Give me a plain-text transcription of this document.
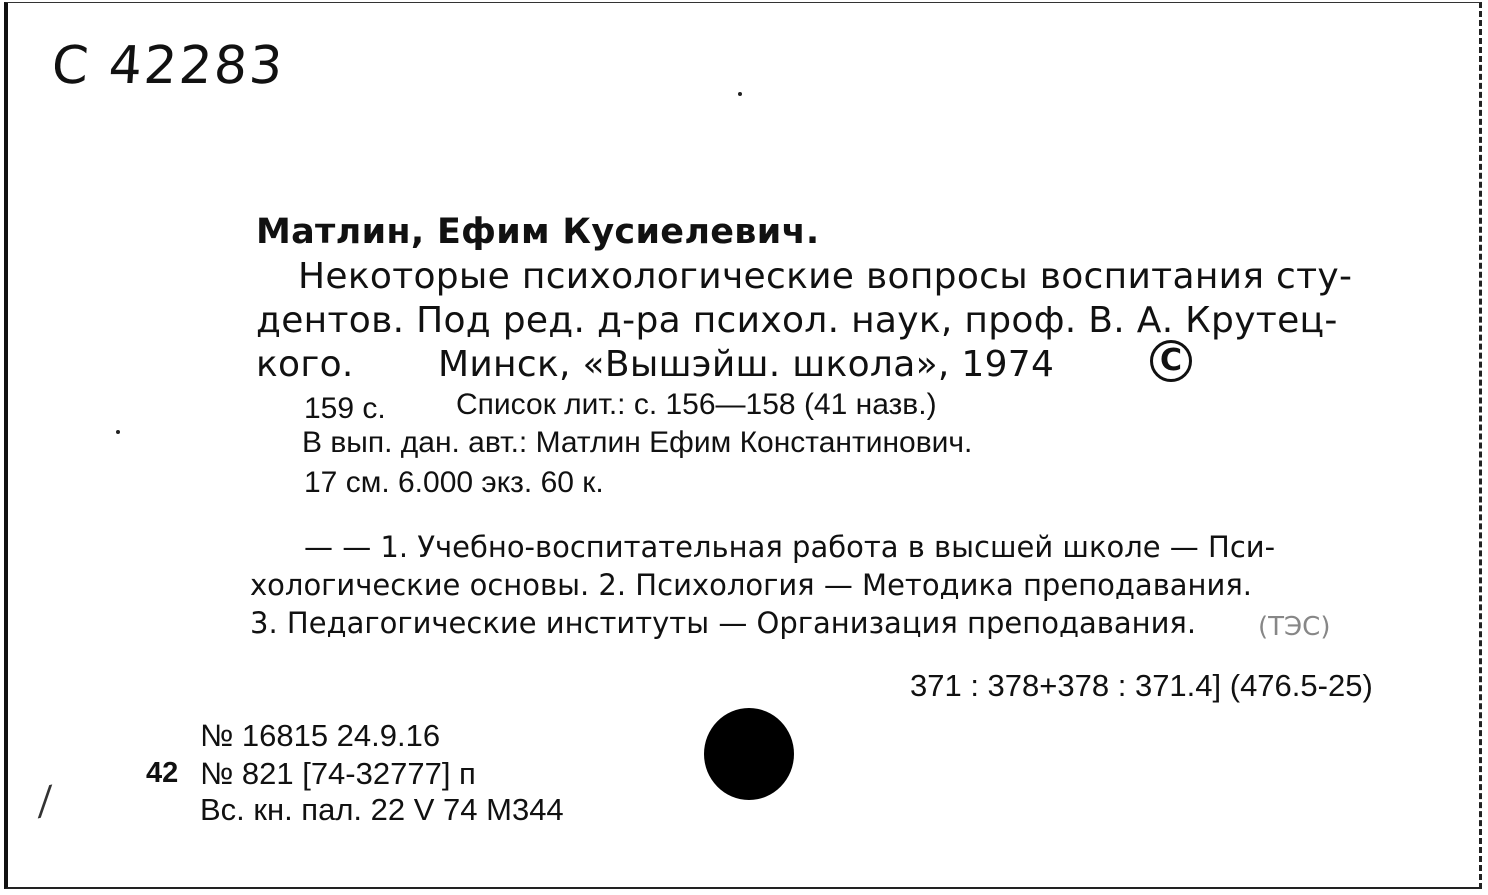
С 42283
Матлин, Ефим Кусиелевич.
Некоторые психологические вопросы воспитания сту-
дентов. Под ред. д-ра психол. наук, проф. В. А. Крутец-
кого. Минск, «Вышэйш. школа», 1974	C
159 с. Список лит.: с. 156—158 (41 назв.)
В вып. дан. авт.: Матлин Ефим Константинович.
17 см. 6.000 экз. 60 к.
— — 1. Учебно-воспитательная работа в высшей школе — Пси-
хологические основы. 2. Психология — Методика преподавания.
3. Педагогические институты — Организация преподавания. (ТЭС)
371 : 378+378 : 371.4] (476.5-25)
№ 16815 24.9.16
42 № 821 [74-32777] п
Вс. кн. пал. 22 V 74 М344
⁄
